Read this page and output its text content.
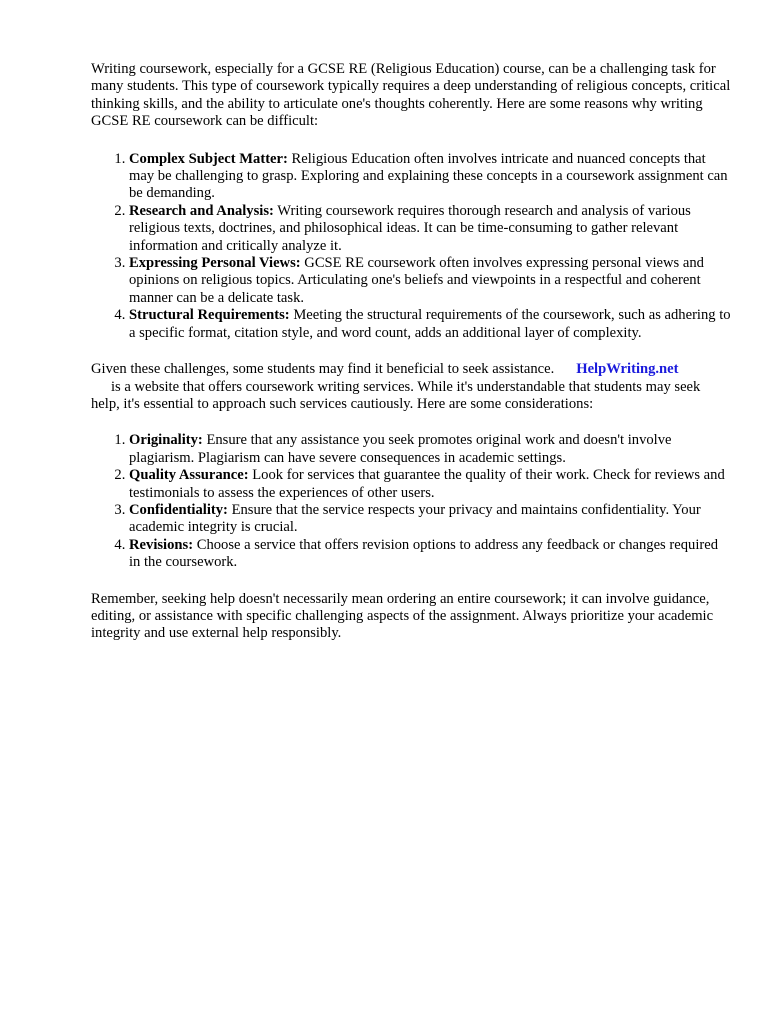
Writing coursework, especially for a GCSE RE (Religious Education) course, can be a challenging task for many students. This type of coursework typically requires a deep understanding of religious concepts, critical thinking skills, and the ability to articulate one's thoughts coherently. Here are some reasons why writing GCSE RE coursework can be difficult:

1. Complex Subject Matter: Religious Education often involves intricate and nuanced concepts that may be challenging to grasp. Exploring and explaining these concepts in a coursework assignment can be demanding.
2. Research and Analysis: Writing coursework requires thorough research and analysis of various religious texts, doctrines, and philosophical ideas. It can be time-consuming to gather relevant information and critically analyze it.
3. Expressing Personal Views: GCSE RE coursework often involves expressing personal views and opinions on religious topics. Articulating one's beliefs and viewpoints in a respectful and coherent manner can be a delicate task.
4. Structural Requirements: Meeting the structural requirements of the coursework, such as adhering to a specific format, citation style, and word count, adds an additional layer of complexity.

Given these challenges, some students may find it beneficial to seek assistance. HelpWriting.net
is a website that offers coursework writing services. While it's understandable that students may seek help, it's essential to approach such services cautiously. Here are some considerations:

1. Originality: Ensure that any assistance you seek promotes original work and doesn't involve plagiarism. Plagiarism can have severe consequences in academic settings.
2. Quality Assurance: Look for services that guarantee the quality of their work. Check for reviews and testimonials to assess the experiences of other users.
3. Confidentiality: Ensure that the service respects your privacy and maintains confidentiality. Your academic integrity is crucial.
4. Revisions: Choose a service that offers revision options to address any feedback or changes required in the coursework.

Remember, seeking help doesn't necessarily mean ordering an entire coursework; it can involve guidance, editing, or assistance with specific challenging aspects of the assignment. Always prioritize your academic integrity and use external help responsibly.
